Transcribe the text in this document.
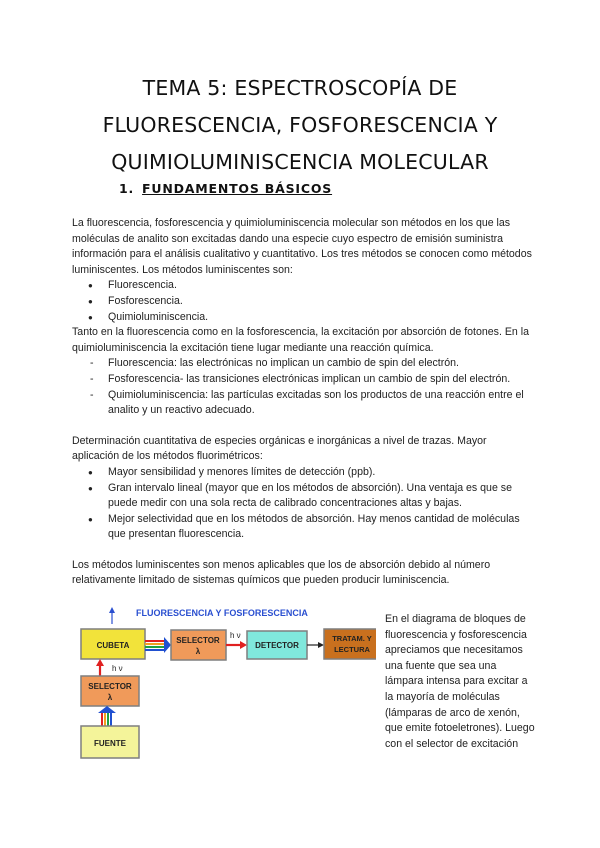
TEMA 5: ESPECTROSCOPÍA DE
FLUORESCENCIA, FOSFORESCENCIA Y
QUIMIOLUMINISCENCIA MOLECULAR
1. FUNDAMENTOS BÁSICOS

La fluorescencia, fosforescencia y quimioluminiscencia molecular son métodos en los que las moléculas de analito son excitadas dando una especie cuyo espectro de emisión suministra información para el análisis cualitativo y cuantitativo. Los tres métodos se conocen como métodos luminiscentes. Los métodos luminiscentes son:

● Fluorescencia.
● Fosforescencia.
● Quimioluminiscencia.

Tanto en la fluorescencia como en la fosforescencia, la excitación por absorción de fotones. En la quimioluminiscencia la excitación tiene lugar mediante una reacción química.

- Fluorescencia: las electrónicas no implican un cambio de spin del electrón.
- Fosforescencia- las transiciones electrónicas implican un cambio de spin del electrón.
- Quimioluminiscencia: las partículas excitadas son los productos de una reacción entre el analito y un reactivo adecuado.

Determinación cuantitativa de especies orgánicas e inorgánicas a nivel de trazas. Mayor aplicación de los métodos fluorimétricos:

● Mayor sensibilidad y menores límites de detección (ppb).
● Gran intervalo lineal (mayor que en los métodos de absorción). Una ventaja es que se puede medir con una sola recta de calibrado concentraciones altas y bajas.
● Mejor selectividad que en los métodos de absorción. Hay menos cantidad de moléculas que presentan fluorescencia.

Los métodos luminiscentes son menos aplicables que los de absorción debido al número relativamente limitado de sistemas químicos que pueden producir luminiscencia.

FLUORESCENCIA Y FOSFORESCENCIA
CUBETA
SELECTOR
λ
h ν
DETECTOR
TRATAM. Y
LECTURA
h ν
SELECTOR
λ
FUENTE
En el diagrama de bloques de fluorescencia y fosforescencia apreciamos que necesitamos una fuente que sea una lámpara intensa para excitar a la mayoría de moléculas (lámparas de arco de xenón, que emite fotoeletrones). Luego con el selector de excitación
